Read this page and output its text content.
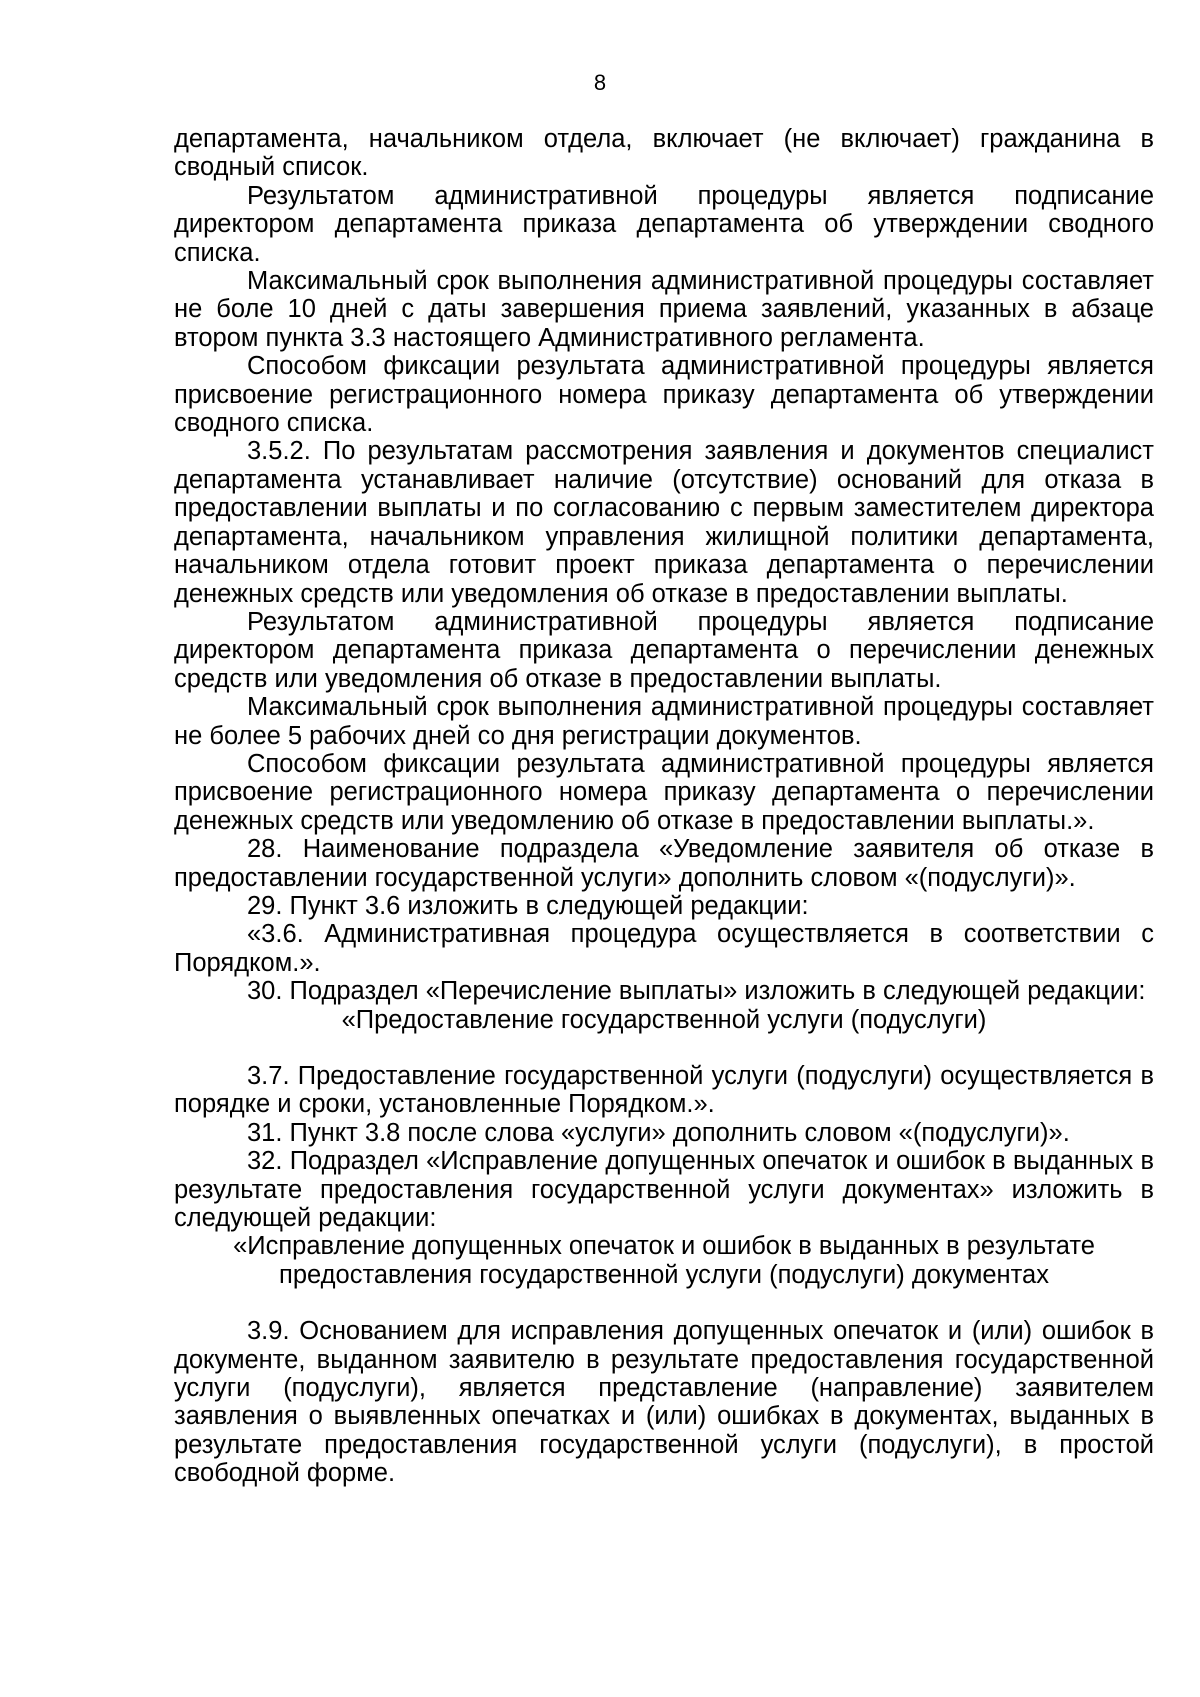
8

департамента, начальником отдела, включает (не включает) гражданина в сводный список.

Результатом административной процедуры является подписание директором департамента приказа департамента об утверждении сводного списка.

Максимальный срок выполнения административной процедуры составляет не боле 10 дней с даты завершения приема заявлений, указанных в абзаце втором пункта 3.3 настоящего Административного регламента.

Способом фиксации результата административной процедуры является присвоение регистрационного номера приказу департамента об утверждении сводного списка.

3.5.2. По результатам рассмотрения заявления и документов специалист департамента устанавливает наличие (отсутствие) оснований для отказа в предоставлении выплаты и по согласованию с первым заместителем директора департамента, начальником управления жилищной политики департамента, начальником отдела готовит проект приказа департамента о перечислении денежных средств или уведомления об отказе в предоставлении выплаты.

Результатом административной процедуры является подписание директором департамента приказа департамента о перечислении денежных средств или уведомления об отказе в предоставлении выплаты.

Максимальный срок выполнения административной процедуры составляет не более 5 рабочих дней со дня регистрации документов.

Способом фиксации результата административной процедуры является присвоение регистрационного номера приказу департамента о перечислении денежных средств или уведомлению об отказе в предоставлении выплаты.».

28. Наименование подраздела «Уведомление заявителя об отказе в предоставлении государственной услуги» дополнить словом «(подуслуги)».

29. Пункт 3.6 изложить в следующей редакции:

«3.6. Административная процедура осуществляется в соответствии с Порядком.».

30. Подраздел «Перечисление выплаты» изложить в следующей редакции:

«Предоставление государственной услуги (подуслуги)

3.7. Предоставление государственной услуги (подуслуги) осуществляется в порядке и сроки, установленные Порядком.».

31. Пункт 3.8 после слова «услуги» дополнить словом «(подуслуги)».

32. Подраздел «Исправление допущенных опечаток и ошибок в выданных в результате предоставления государственной услуги документах» изложить в следующей редакции:

«Исправление допущенных опечаток и ошибок в выданных в результате

предоставления государственной услуги (подуслуги) документах

3.9. Основанием для исправления допущенных опечаток и (или) ошибок в документе, выданном заявителю в результате предоставления государственной услуги (подуслуги), является представление (направление) заявителем заявления о выявленных опечатках и (или) ошибках в документах, выданных в результате предоставления государственной услуги (подуслуги), в простой свободной форме.
